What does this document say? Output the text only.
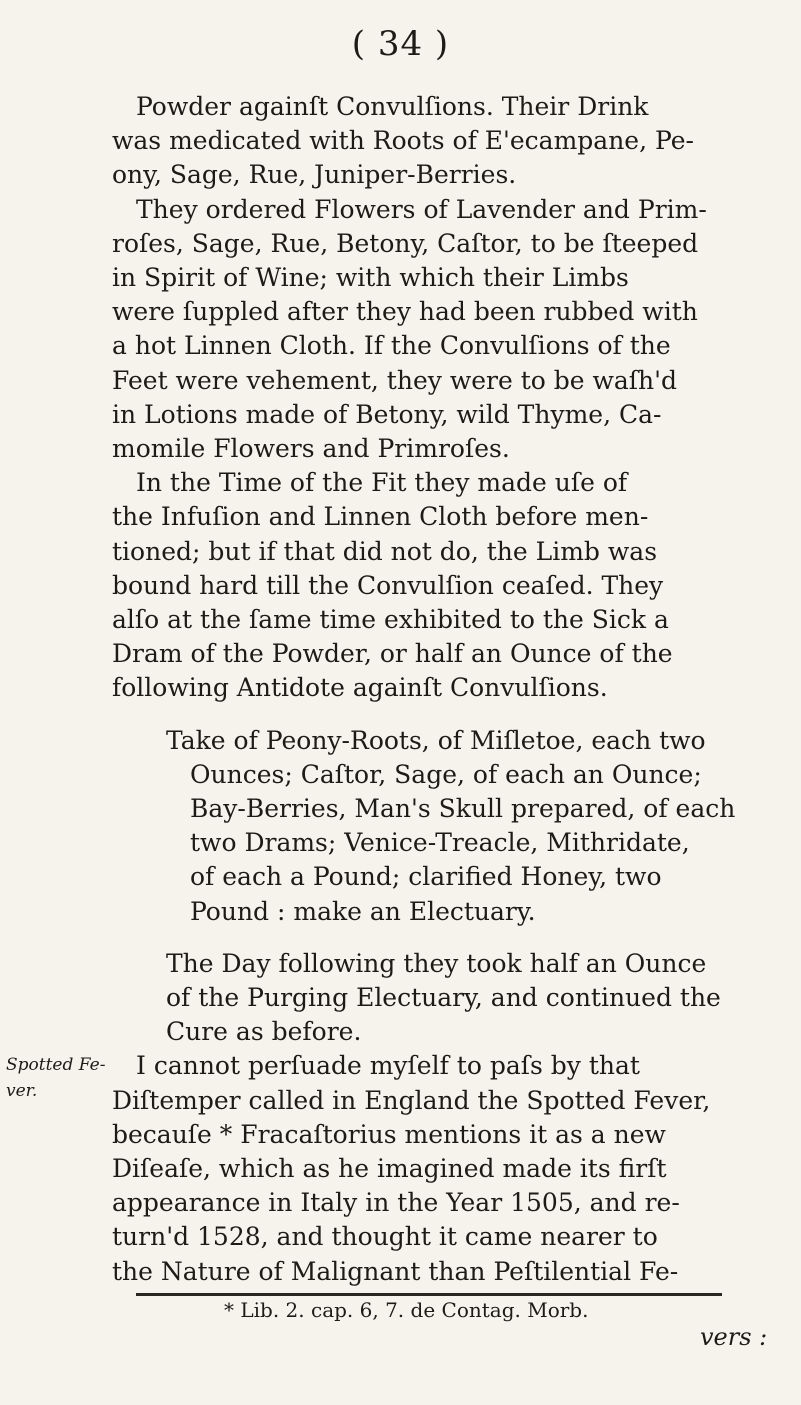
( 34 )
Powder againſt Convulſions. Their Drink
was medicated with Roots of E'ecampane, Pe-
ony, Sage, Rue, Juniper-Berries.
They ordered Flowers of Lavender and Prim-
roſes, Sage, Rue, Betony, Caſtor, to be ſteeped
in Spirit of Wine; with which their Limbs
were ſuppled after they had been rubbed with
a hot Linnen Cloth. If the Convulſions of the
Feet were vehement, they were to be waſh'd
in Lotions made of Betony, wild Thyme, Ca-
momile Flowers and Primroſes.
In the Time of the Fit they made uſe of
the Infuſion and Linnen Cloth before men-
tioned; but if that did not do, the Limb was
bound hard till the Convulſion ceaſed. They
alſo at the ſame time exhibited to the Sick a
Dram of the Powder, or half an Ounce of the
following Antidote againſt Convulſions.
Take of Peony-Roots, of Miſletoe, each two
Ounces; Caſtor, Sage, of each an Ounce;
Bay-Berries, Man's Skull prepared, of each
two Drams; Venice-Treacle, Mithridate,
of each a Pound; clarified Honey, two
Pound : make an Electuary.
The Day following they took half an Ounce
of the Purging Electuary, and continued the
Cure as before.
Spotted Fe-
ver.
I cannot perſuade myſelf to paſs by that
Diſtemper called in England the Spotted Fever,
becauſe * Fracaſtorius mentions it as a new
Diſeaſe, which as he imagined made its firſt
appearance in Italy in the Year 1505, and re-
turn'd 1528, and thought it came nearer to
the Nature of Malignant than Peſtilential Fe-
* Lib. 2. cap. 6, 7. de Contag. Morb.
vers :
